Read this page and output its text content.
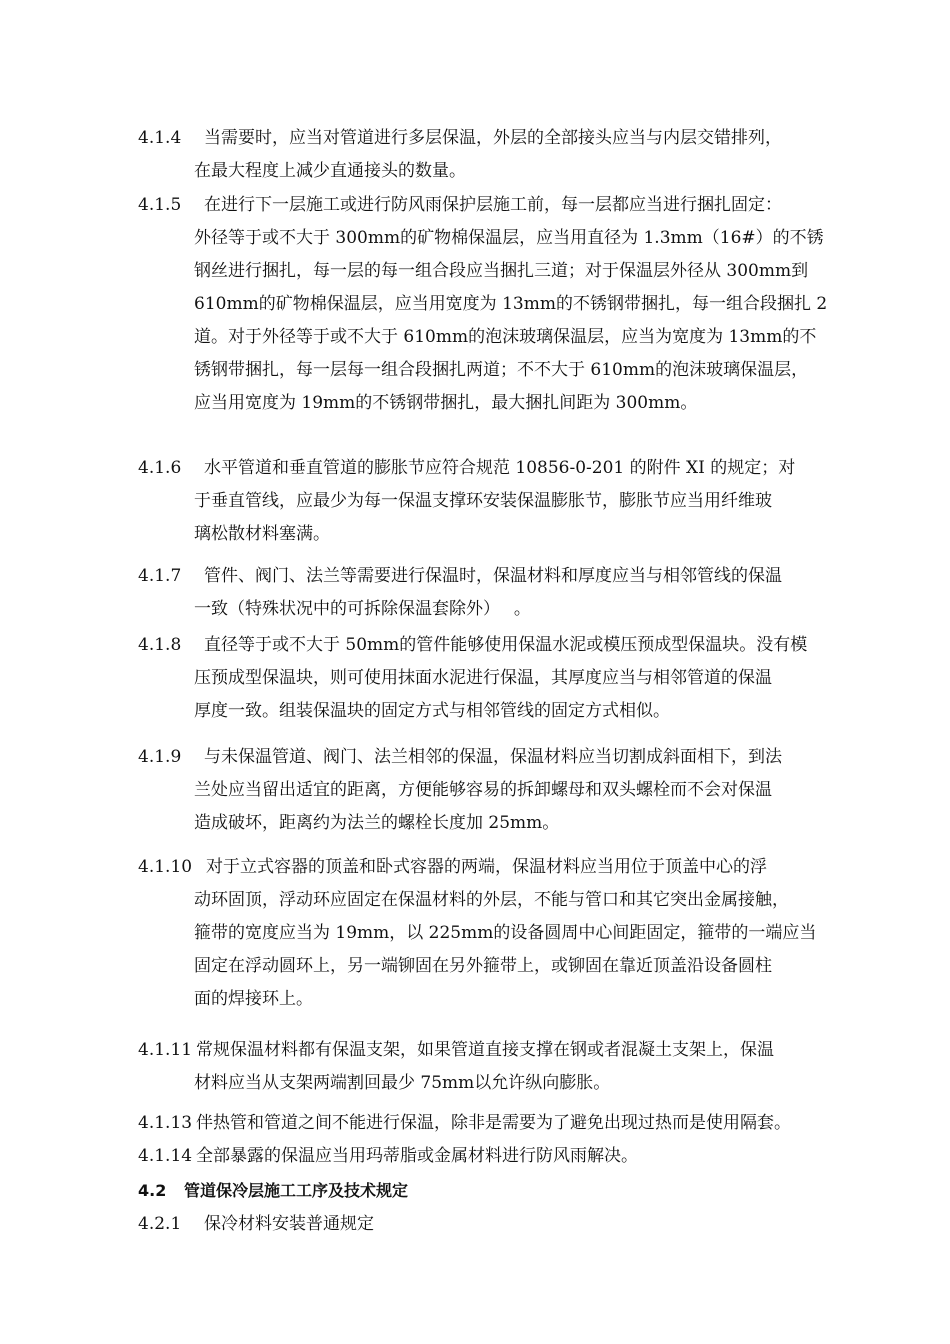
4.1.4 当需要时，应当对管道进行多层保温，外层的全部接头应当与内层交错排列，
在最大程度上减少直通接头的数量。
4.1.5 在进行下一层施工或进行防风雨保护层施工前，每一层都应当进行捆扎固定：
外径等于或不大于 300mm的矿物棉保温层，应当用直径为 1.3mm（16#）的不锈
钢丝进行捆扎，每一层的每一组合段应当捆扎三道；对于保温层外径从 300mm到
610mm的矿物棉保温层，应当用宽度为 13mm的不锈钢带捆扎，每一组合段捆扎 2
道。对于外径等于或不大于 610mm的泡沫玻璃保温层，应当为宽度为 13mm的不
锈钢带捆扎，每一层每一组合段捆扎两道；不不大于 610mm的泡沫玻璃保温层，
应当用宽度为 19mm的不锈钢带捆扎，最大捆扎间距为 300mm。
4.1.6 水平管道和垂直管道的膨胀节应符合规范 10856-0-201 的附件 XI 的规定；对
于垂直管线，应最少为每一保温支撑环安装保温膨胀节，膨胀节应当用纤维玻
璃松散材料塞满。
4.1.7 管件、阀门、法兰等需要进行保温时，保温材料和厚度应当与相邻管线的保温
一致（特殊状况中的可拆除保温套除外）　 。
4.1.8 直径等于或不大于 50mm的管件能够使用保温水泥或模压预成型保温块。没有模
压预成型保温块，则可使用抹面水泥进行保温，其厚度应当与相邻管道的保温
厚度一致。组装保温块的固定方式与相邻管线的固定方式相似。
4.1.9 与未保温管道、阀门、法兰相邻的保温，保温材料应当切割成斜面相下，到法
兰处应当留出适宜的距离，方便能够容易的拆卸螺母和双头螺栓而不会对保温
造成破坏，距离约为法兰的螺栓长度加 25mm。
4.1.10 对于立式容器的顶盖和卧式容器的两端，保温材料应当用位于顶盖中心的浮
动环固顶，浮动环应固定在保温材料的外层，不能与管口和其它突出金属接触，
箍带的宽度应当为 19mm，以 225mm的设备圆周中心间距固定，箍带的一端应当
固定在浮动圆环上，另一端铆固在另外箍带上，或铆固在靠近顶盖沿设备圆柱
面的焊接环上。
4.1.11 常规保温材料都有保温支架，如果管道直接支撑在钢或者混凝土支架上，保温
材料应当从支架两端割回最少 75mm以允许纵向膨胀。
4.1.13 伴热管和管道之间不能进行保温，除非是需要为了避免出现过热而是使用隔套。
4.1.14 全部暴露的保温应当用玛蒂脂或金属材料进行防风雨解决。
4.2 管道保冷层施工工序及技术规定
4.2.1 保冷材料安装普通规定
